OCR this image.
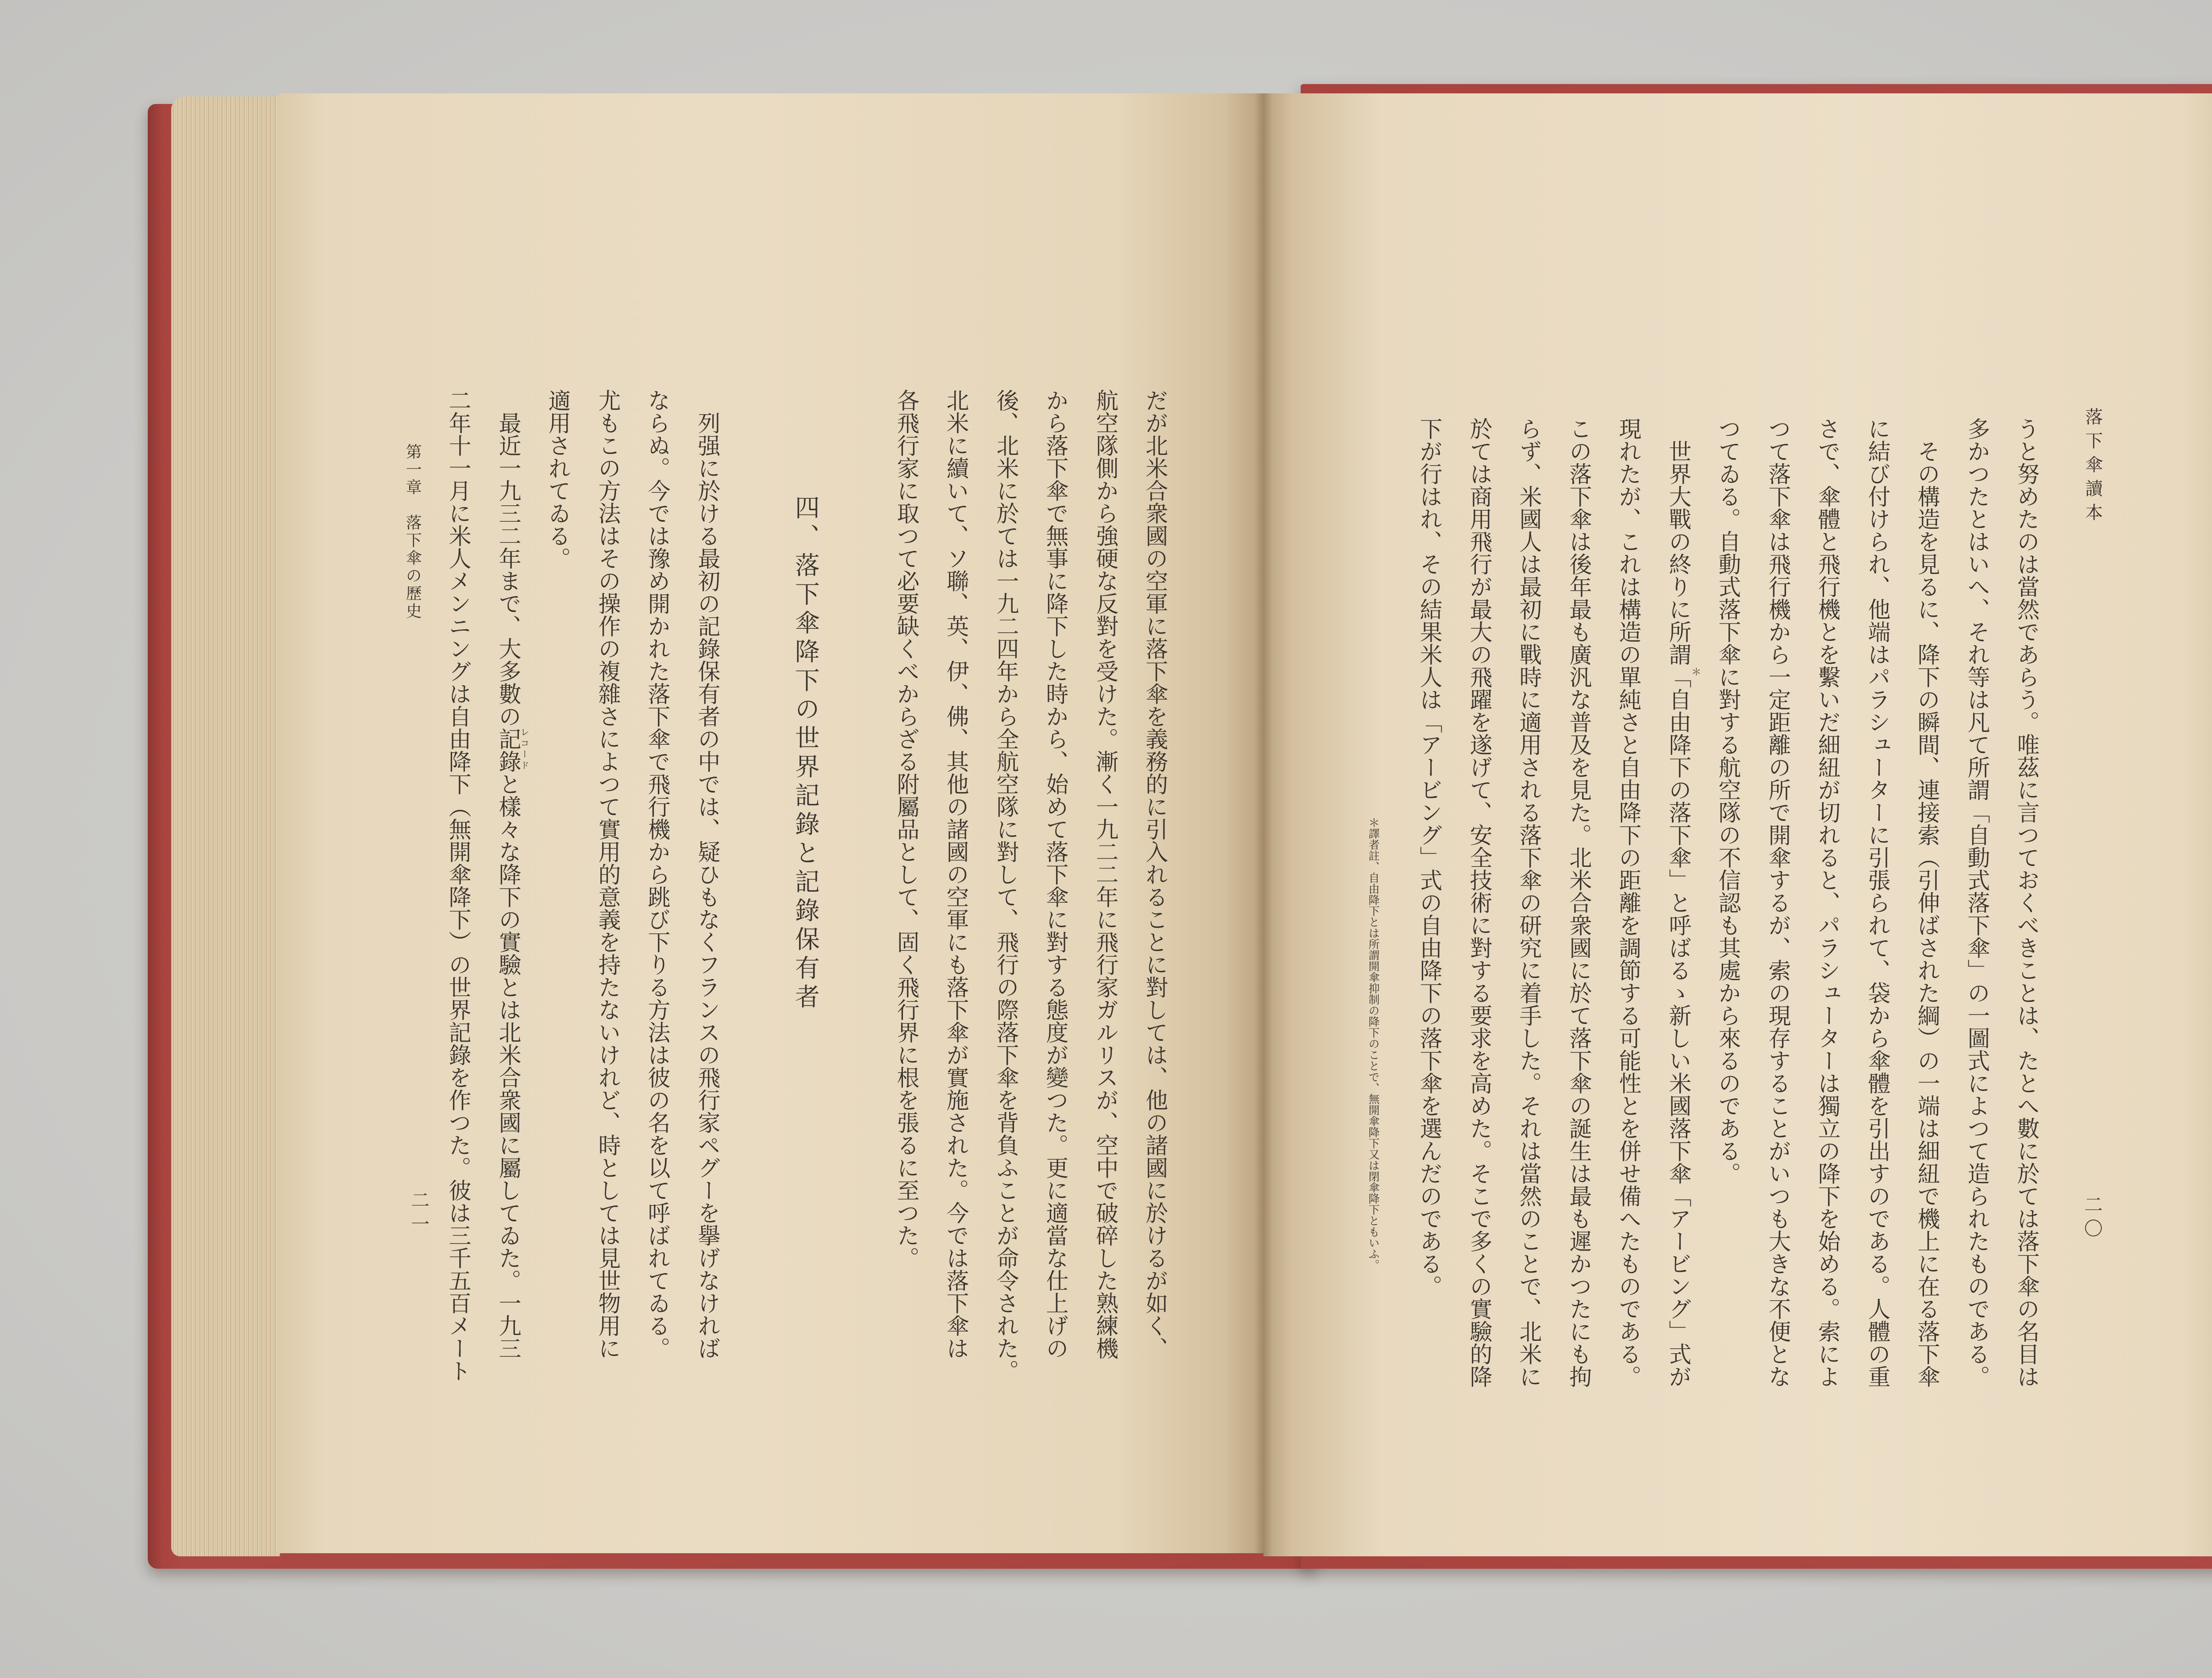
だが北米合衆國の空軍に落下傘を義務的に引入れることに對しては、他の諸國に於けるが如く、
航空隊側から強硬な反對を受けた。漸く一九二二年に飛行家ガルリスが、空中で破碎した熟練機
から落下傘で無事に降下した時から、始めて落下傘に對する態度が變つた。更に適當な仕上げの
後、北米に於ては一九二四年から全航空隊に對して、飛行の際落下傘を背負ふことが命令された。
北米に續いて、ソ聯、英、伊、佛、其他の諸國の空軍にも落下傘が實施された。今では落下傘は
各飛行家に取つて必要缺くべからざる附屬品として、固く飛行界に根を張るに至つた。
四、落下傘降下の世界記錄と記錄保有者
列强に於ける最初の記錄保有者の中では、疑ひもなくフランスの飛行家ペグーを擧げなければ
ならぬ。今では豫め開かれた落下傘で飛行機から跳び下りる方法は彼の名を以て呼ばれてゐる。
尤もこの方法はその操作の複雜さによつて實用的意義を持たないけれど、時としては見世物用に
適用されてゐる。
最近一九三二年まで、大多數の記錄と樣々な降下の實驗とは北米合衆國に屬してゐた。一九三
レコード
二年十一月に米人メンニングは自由降下（無開傘降下）の世界記錄を作つた。彼は三千五百メート
第一章　落下傘の歷史
二一
落下傘讀本
二〇
うと努めたのは當然であらう。唯茲に言つておくべきことは、たとへ數に於ては落下傘の名目は
多かつたとはいへ、それ等は凡て所謂「自動式落下傘」の一圖式によつて造られたものである。
その構造を見るに、降下の瞬間、連接索（引伸ばされた綱）の一端は細紐で機上に在る落下傘
に結び付けられ、他端はパラシューターに引張られて、袋から傘體を引出すのである。人體の重
さで、傘體と飛行機とを繫いだ細紐が切れると、パラシューターは獨立の降下を始める。索によ
つて落下傘は飛行機から一定距離の所で開傘するが、索の現存することがいつも大きな不便とな
つてゐる。自動式落下傘に對する航空隊の不信認も其處から來るのである。
世界大戰の終りに所謂「自由降下の落下傘」と呼ばるゝ新しい米國落下傘「アービング」式が
＊
現れたが、これは構造の單純さと自由降下の距離を調節する可能性とを併せ備へたものである。
この落下傘は後年最も廣汎な普及を見た。北米合衆國に於て落下傘の誕生は最も遲かつたにも拘
らず、米國人は最初に戰時に適用される落下傘の研究に着手した。それは當然のことで、北米に
於ては商用飛行が最大の飛躍を遂げて、安全技術に對する要求を高めた。そこで多くの實驗的降
下が行はれ、その結果米人は「アービング」式の自由降下の落下傘を選んだのである。
＊譯者註、自由降下とは所謂開傘抑制の降下のことで、無開傘降下又は閉傘降下ともいふ。
